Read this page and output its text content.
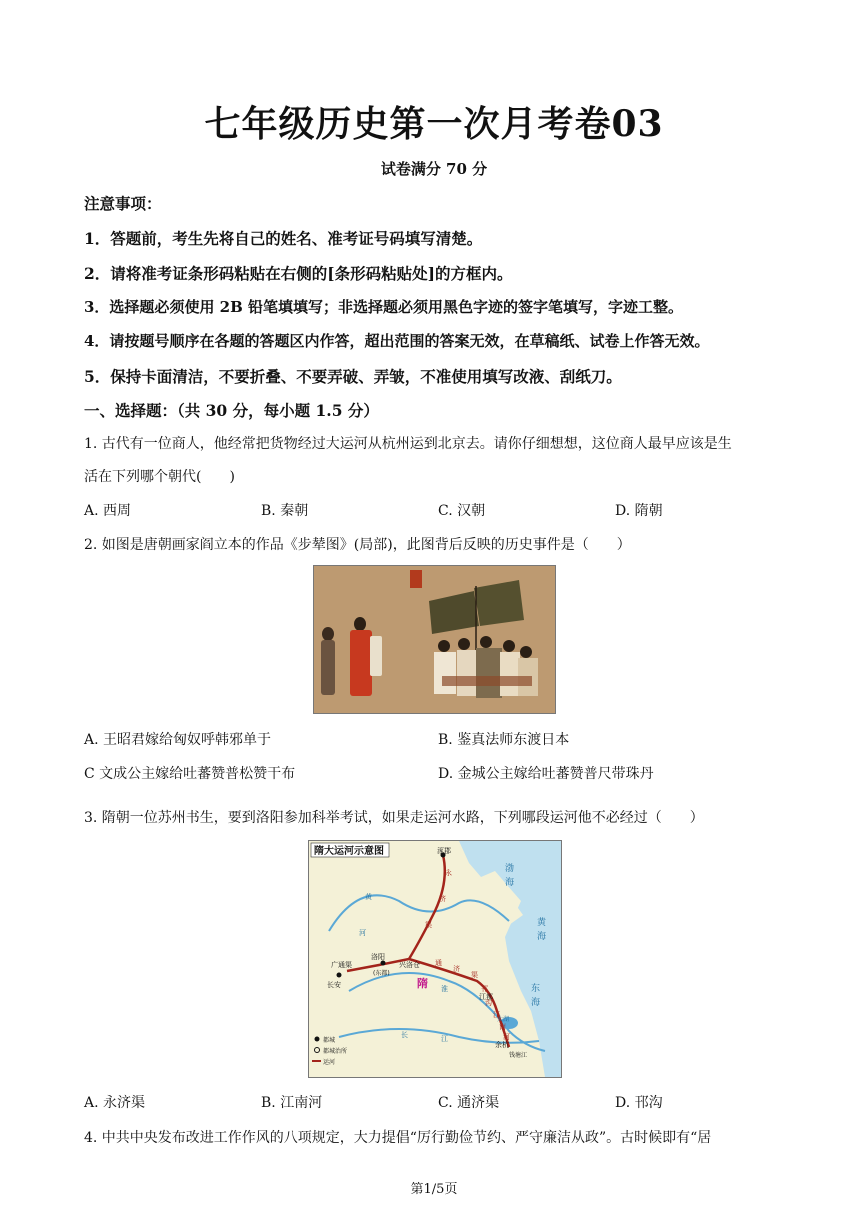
七年级历史第一次月考卷03
试卷满分 70 分
注意事项：
1．答题前，考生先将自己的姓名、准考证号码填写清楚。
2．请将准考证条形码粘贴在右侧的[条形码粘贴处]的方框内。
3．选择题必须使用 2B 铅笔填填写；非选择题必须用黑色字迹的签字笔填写，字迹工整。
4．请按题号顺序在各题的答题区内作答，超出范围的答案无效，在草稿纸、试卷上作答无效。
5．保持卡面清洁，不要折叠、不要弄破、弄皱，不准使用填写改液、刮纸刀。
一、选择题：（共 30 分，每小题 1.5 分）
1. 古代有一位商人，他经常把货物经过大运河从杭州运到北京去。请你仔细想想，这位商人最早应该是生
活在下列哪个朝代(　　)
A. 西周	B. 秦朝	C. 汉朝	D. 隋朝
2. 如图是唐朝画家阎立本的作品《步辇图》(局部)，此图背后反映的历史事件是（　　）
A. 王昭君嫁给匈奴呼韩邪单于	B. 鉴真法师东渡日本
C 文成公主嫁给吐蕃赞普松赞干布	D. 金城公主嫁给吐蕃赞普尺带珠丹
3. 隋朝一位苏州书生，要到洛阳参加科举考试，如果走运河水路，下列哪段运河他不必经过（　　）
隋大运河示意图	涿郡
长安
洛阳
(东都)
兴洛仓
江都
余杭
钱塘江
永
济
渠
通
济
渠
邗
沟
江
南
河
渤
海
黄
海
东
海
黄
河
淮
长	江
太湖
广通渠
隋
都城
都城治所
运河
A. 永济渠	B. 江南河	C. 通济渠	D. 邗沟
4. 中共中央发布改进工作作风的八项规定，大力提倡“厉行勤俭节约、严守廉洁从政”。古时候即有“居
第1/5页
